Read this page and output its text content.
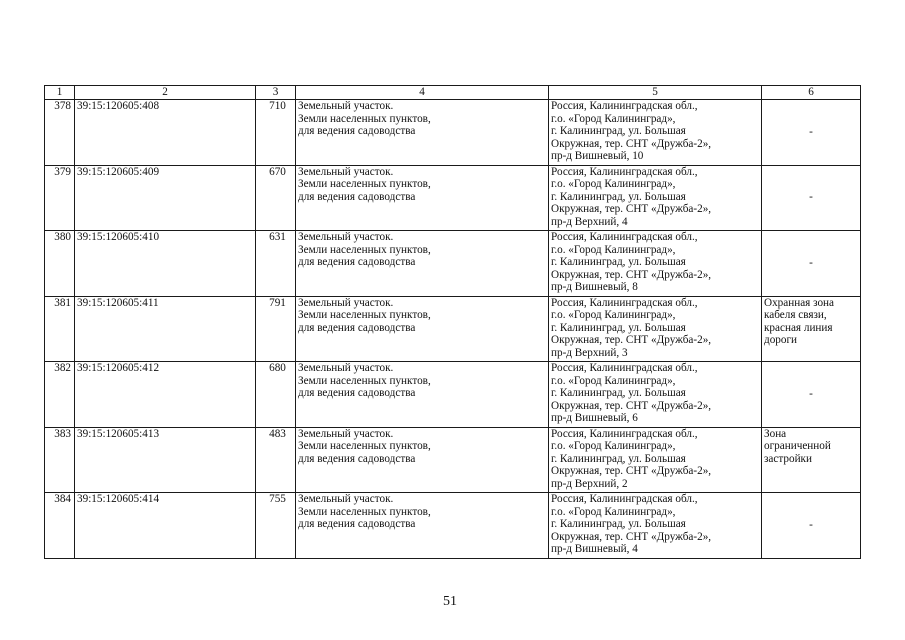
1	2	3	4	5	6
378	39:15:120605:408	710	Земельный участок.
Земли населенных пунктов,
для ведения садоводства	Россия, Калининградская обл.,
г.о. «Город Калининград»,
г. Калининград, ул. Большая
Окружная, тер. СНТ «Дружба-2»,
пр-д Вишневый, 10	-

379	39:15:120605:409	670	Земельный участок.
Земли населенных пунктов,
для ведения садоводства	Россия, Калининградская обл.,
г.о. «Город Калининград»,
г. Калининград, ул. Большая
Окружная, тер. СНТ «Дружба-2»,
пр-д Верхний, 4	-

380	39:15:120605:410	631	Земельный участок.
Земли населенных пунктов,
для ведения садоводства	Россия, Калининградская обл.,
г.о. «Город Калининград»,
г. Калининград, ул. Большая
Окружная, тер. СНТ «Дружба-2»,
пр-д Вишневый, 8	-

381	39:15:120605:411	791	Земельный участок.
Земли населенных пунктов,
для ведения садоводства	Россия, Калининградская обл.,
г.о. «Город Калининград»,
г. Калининград, ул. Большая
Окружная, тер. СНТ «Дружба-2»,
пр-д Верхний, 3	Охранная зона
кабеля связи,
красная линия
дороги

382	39:15:120605:412	680	Земельный участок.
Земли населенных пунктов,
для ведения садоводства	Россия, Калининградская обл.,
г.о. «Город Калининград»,
г. Калининград, ул. Большая
Окружная, тер. СНТ «Дружба-2»,
пр-д Вишневый, 6	-

383	39:15:120605:413	483	Земельный участок.
Земли населенных пунктов,
для ведения садоводства	Россия, Калининградская обл.,
г.о. «Город Калининград»,
г. Калининград, ул. Большая
Окружная, тер. СНТ «Дружба-2»,
пр-д Верхний, 2	Зона
ограниченной
застройки

384	39:15:120605:414	755	Земельный участок.
Земли населенных пунктов,
для ведения садоводства	Россия, Калининградская обл.,
г.о. «Город Калининград»,
г. Калининград, ул. Большая
Окружная, тер. СНТ «Дружба-2»,
пр-д Вишневый, 4	-
51
